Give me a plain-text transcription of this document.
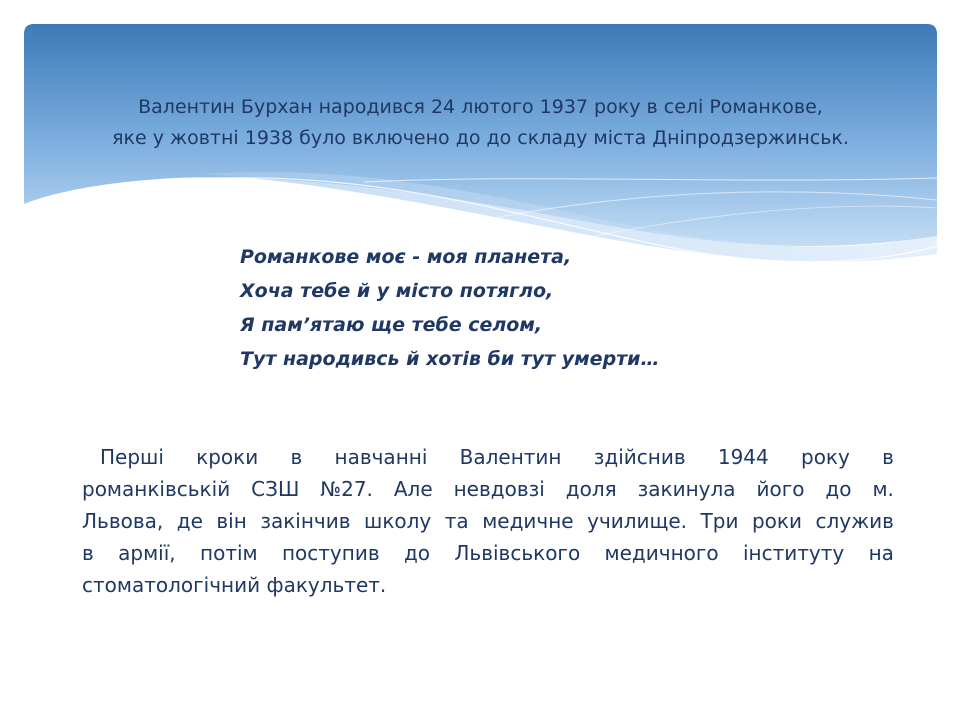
Валентин Бурхан народився 24 лютого 1937 року в селі Романкове,
яке у жовтні 1938 було включено до до складу міста Дніпродзержинськ.
Романкове моє - моя планета,
Хоча тебе й у місто потягло,
Я пам’ятаю ще тебе селом,
Тут народивсь й хотів би тут умерти…
Перші кроки в навчанні Валентин здійснив 1944 року в
романківській СЗШ №27. Але невдовзі доля закинула його до м.
Львова, де він закінчив школу та медичне училище. Три роки служив
в армії, потім поступив до Львівського медичного інституту на
стоматологічний факультет.
